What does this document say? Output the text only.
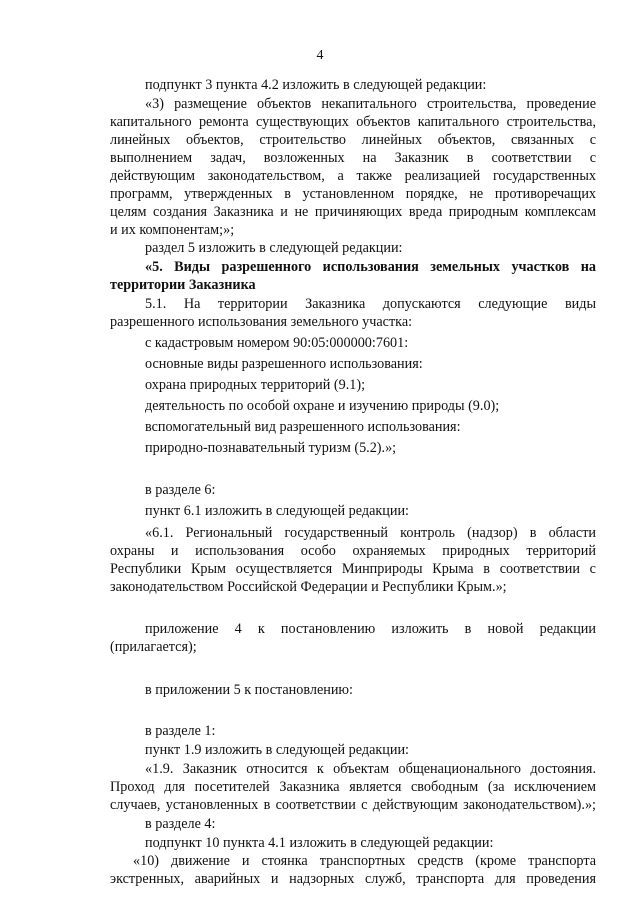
4
подпункт 3 пункта 4.2 изложить в следующей редакции:
«3) размещение объектов некапитального строительства, проведение
капитального ремонта существующих объектов капитального строительства,
линейных объектов, строительство линейных объектов, связанных с
выполнением задач, возложенных на Заказник в соответствии с
действующим законодательством, а также реализацией государственных
программ, утвержденных в установленном порядке, не противоречащих
целям создания Заказника и не причиняющих вреда природным комплексам
и их компонентам;»;
раздел 5 изложить в следующей редакции:
«5. Виды разрешенного использования земельных участков на
территории Заказника
5.1. На территории Заказника допускаются следующие виды
разрешенного использования земельного участка:
с кадастровым номером 90:05:000000:7601:
основные виды разрешенного использования:
охрана природных территорий (9.1);
деятельность по особой охране и изучению природы (9.0);
вспомогательный вид разрешенного использования:
природно-познавательный туризм (5.2).»;
в разделе 6:
пункт 6.1 изложить в следующей редакции:
«6.1. Региональный государственный контроль (надзор) в области
охраны и использования особо охраняемых природных территорий
Республики Крым осуществляется Минприроды Крыма в соответствии с
законодательством Российской Федерации и Республики Крым.»;
приложение 4 к постановлению изложить в новой редакции
(прилагается);
в приложении 5 к постановлению:
в разделе 1:
пункт 1.9 изложить в следующей редакции:
«1.9. Заказник относится к объектам общенационального достояния.
Проход для посетителей Заказника является свободным (за исключением
случаев, установленных в соответствии с действующим законодательством).»;
в разделе 4:
подпункт 10 пункта 4.1 изложить в следующей редакции:
«10) движение и стоянка транспортных средств (кроме транспорта
экстренных, аварийных и надзорных служб, транспорта для проведения
